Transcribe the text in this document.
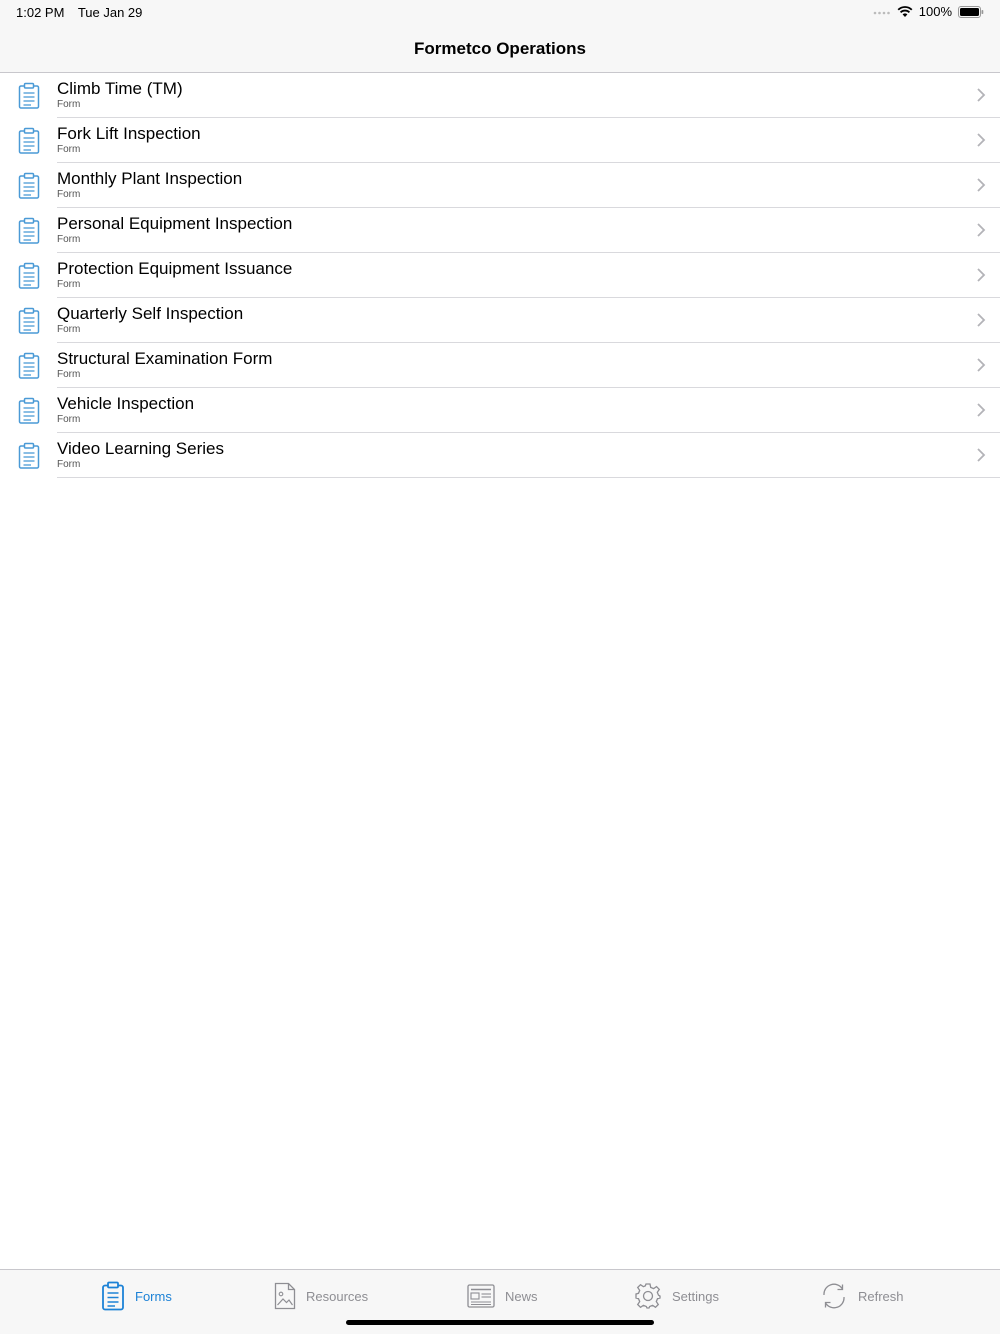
1:02 PM Tue Jan 29	100%
Formetco Operations
Climb Time (TM)
Form
Fork Lift Inspection
Form
Monthly Plant Inspection
Form
Personal Equipment Inspection
Form
Protection Equipment Issuance
Form
Quarterly Self Inspection
Form
Structural Examination Form
Form
Vehicle Inspection
Form
Video Learning Series
Form
Forms	Resources	News	Settings	Refresh
